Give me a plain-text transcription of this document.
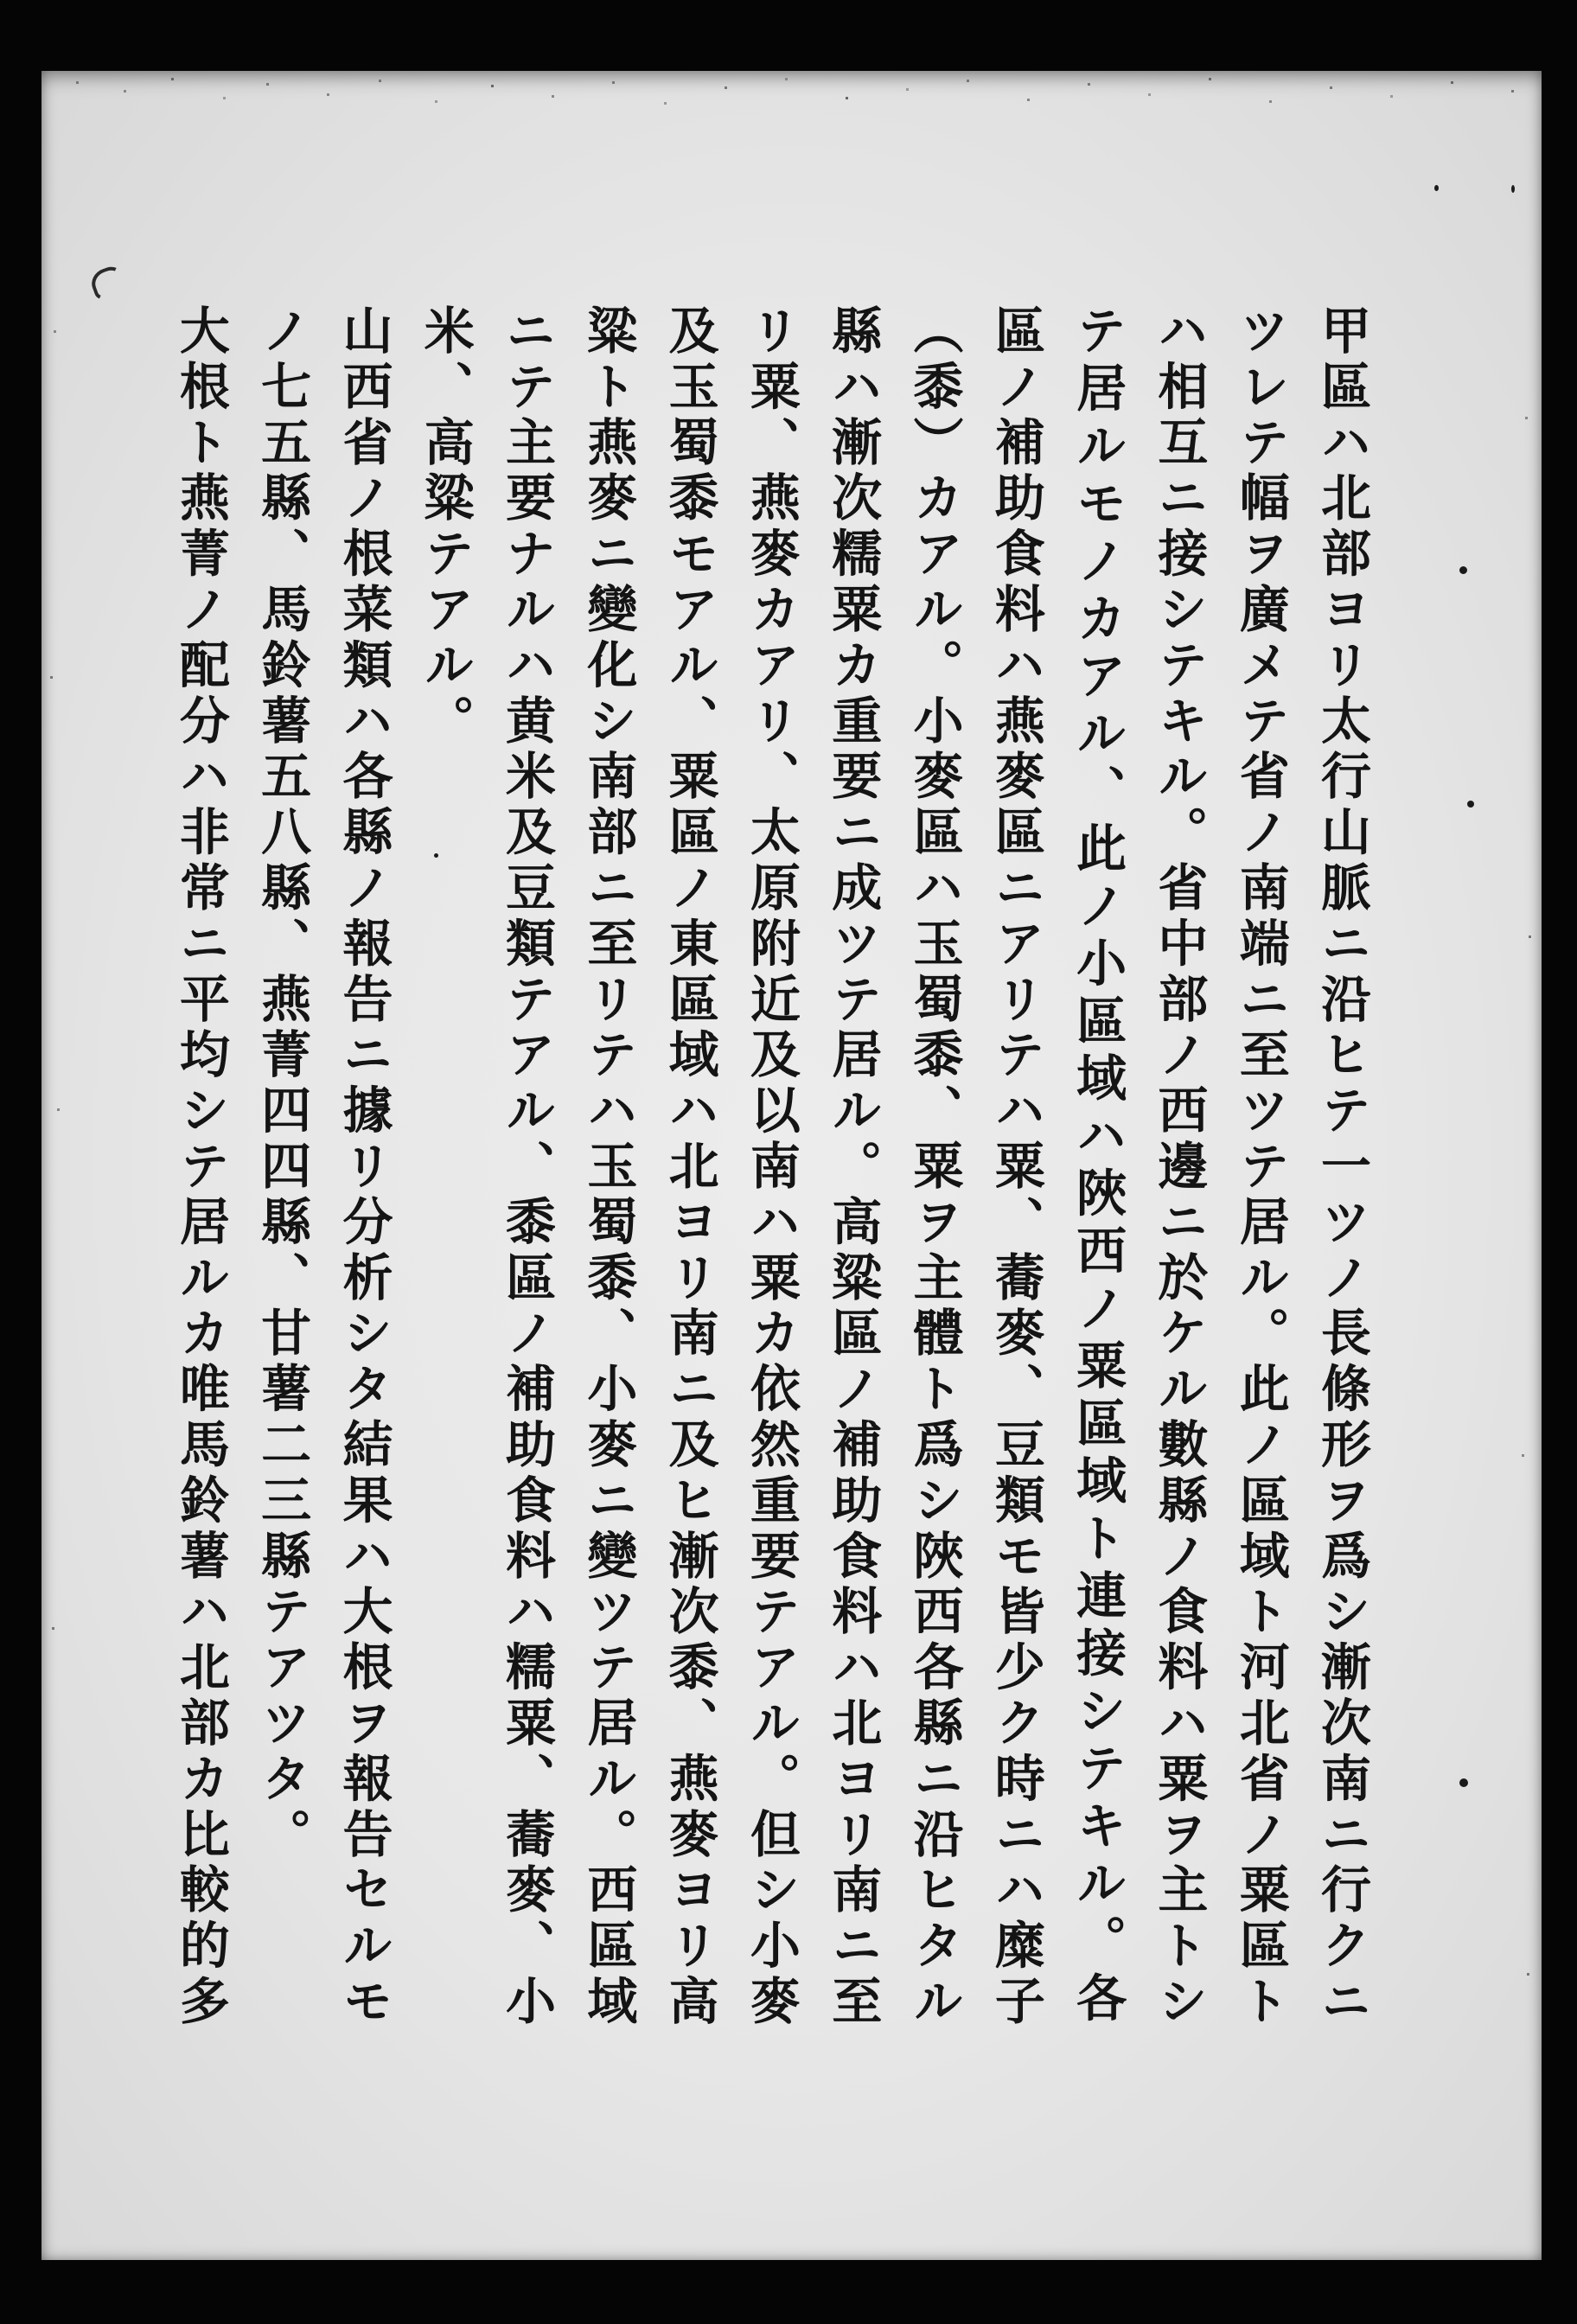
甲區ハ北部ヨリ太行山脈ニ沿ヒテ一ツノ長條形ヲ爲シ漸次南ニ行クニ

ツレテ幅ヲ廣メテ省ノ南端ニ至ツテ居ル。此ノ區域ト河北省ノ粟區ト

ハ相互ニ接シテキル。省中部ノ西邊ニ於ケル數縣ノ食料ハ粟ヲ主トシ

テ居ルモノカアル、此ノ小區域ハ陜西ノ粟區域ト連接シテキル。各

區ノ補助食料ハ燕麥區ニアリテハ粟、蕎麥、豆類モ皆少ク時ニハ糜子

（黍）カアル。小麥區ハ玉蜀黍、粟ヲ主體ト爲シ陜西各縣ニ沿ヒタル

縣ハ漸次糯粟カ重要ニ成ツテ居ル。高粱區ノ補助食料ハ北ヨリ南ニ至

リ粟、燕麥カアリ、太原附近及以南ハ粟カ依然重要テアル。但シ小麥

及玉蜀黍モアル、粟區ノ東區域ハ北ヨリ南ニ及ヒ漸次黍、燕麥ヨリ高

粱ト燕麥ニ變化シ南部ニ至リテハ玉蜀黍、小麥ニ變ツテ居ル。西區域

ニテ主要ナルハ黄米及豆類テアル、黍區ノ補助食料ハ糯粟、蕎麥、小

米、高粱テアル。

山西省ノ根菜類ハ各縣ノ報告ニ據リ分析シタ結果ハ大根ヲ報告セルモ

ノ七五縣、馬鈴薯五八縣、燕菁四四縣、甘薯二三縣テアツタ。

大根ト燕菁ノ配分ハ非常ニ平均シテ居ルカ唯馬鈴薯ハ北部カ比較的多
